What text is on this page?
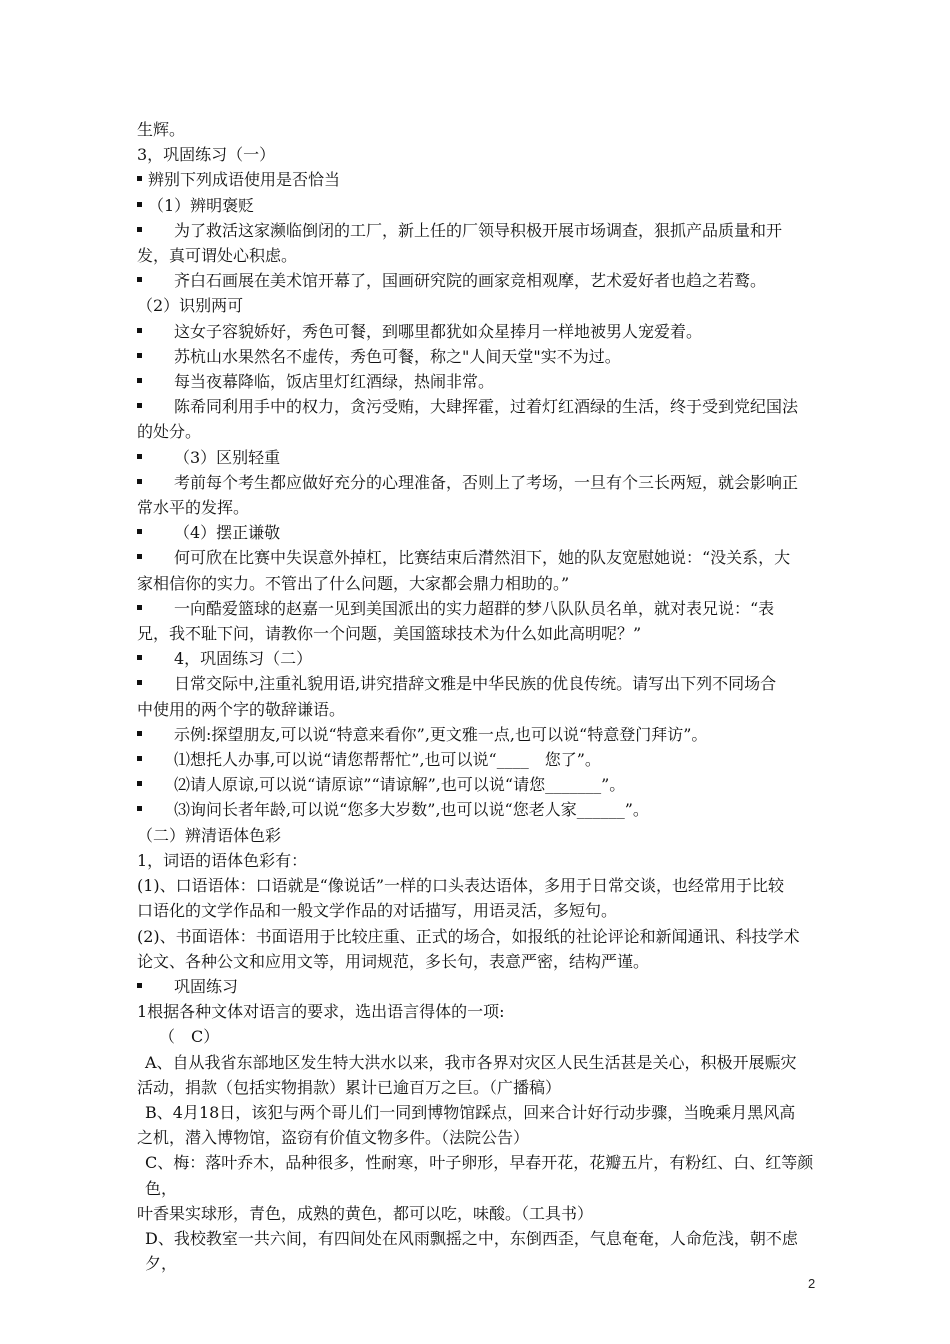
生辉。
3，巩固练习（一）
辨别下列成语使用是否恰当
（1）辨明褒贬
为了救活这家濒临倒闭的工厂，新上任的厂领导积极开展市场调查，狠抓产品质量和开
发，真可谓处心积虑。
齐白石画展在美术馆开幕了，国画研究院的画家竞相观摩，艺术爱好者也趋之若鹜。
（2）识别两可
这女子容貌娇好，秀色可餐，到哪里都犹如众星捧月一样地被男人宠爱着。
苏杭山水果然名不虚传，秀色可餐，称之"人间天堂"实不为过。
每当夜幕降临，饭店里灯红酒绿，热闹非常。
陈希同利用手中的权力，贪污受贿，大肆挥霍，过着灯红酒绿的生活，终于受到党纪国法
的处分。
（3）区别轻重
考前每个考生都应做好充分的心理准备，否则上了考场，一旦有个三长两短，就会影响正
常水平的发挥。
（4）摆正谦敬
何可欣在比赛中失误意外掉杠，比赛结束后潸然泪下，她的队友宽慰她说：“没关系，大
家相信你的实力。不管出了什么问题，大家都会鼎力相助的。”
一向酷爱篮球的赵嘉一见到美国派出的实力超群的梦八队队员名单，就对表兄说：“表
兄，我不耻下问，请教你一个问题，美国篮球技术为什么如此高明呢？”
4，巩固练习（二）
日常交际中,注重礼貌用语,讲究措辞文雅是中华民族的优良传统。请写出下列不同场合
中使用的两个字的敬辞谦语。
示例:探望朋友,可以说“特意来看你”,更文雅一点,也可以说“特意登门拜访”。
⑴想托人办事,可以说“请您帮帮忙”,也可以说“____　您了”。
⑵请人原谅,可以说“请原谅”“请谅解”,也可以说“请您_______”。
⑶询问长者年龄,可以说“您多大岁数”,也可以说“您老人家______”。
（二）辨清语体色彩
1，词语的语体色彩有：
(1)、口语语体：口语就是“像说话”一样的口头表达语体，多用于日常交谈，也经常用于比较
口语化的文学作品和一般文学作品的对话描写，用语灵活，多短句。
(2)、书面语体：书面语用于比较庄重、正式的场合，如报纸的社论评论和新闻通讯、科技学术
论文、各种公文和应用文等，用词规范，多长句，表意严密，结构严谨。
巩固练习
1根据各种文体对语言的要求，选出语言得体的一项:
（　C）
A、自从我省东部地区发生特大洪水以来，我市各界对灾区人民生活甚是关心，积极开展赈灾
活动，捐款（包括实物捐款）累计已逾百万之巨。（广播稿）
B、4月18日，该犯与两个哥儿们一同到博物馆踩点，回来合计好行动步骤，当晚乘月黑风高
之机，潜入博物馆，盗窃有价值文物多件。（法院公告）
C、梅：落叶乔木，品种很多，性耐寒，叶子卵形，早春开花，花瓣五片，有粉红、白、红等颜色，
叶香果实球形，青色，成熟的黄色，都可以吃，味酸。（工具书）
D、我校教室一共六间，有四间处在风雨飘摇之中，东倒西歪，气息奄奄，人命危浅，朝不虑夕，
2
